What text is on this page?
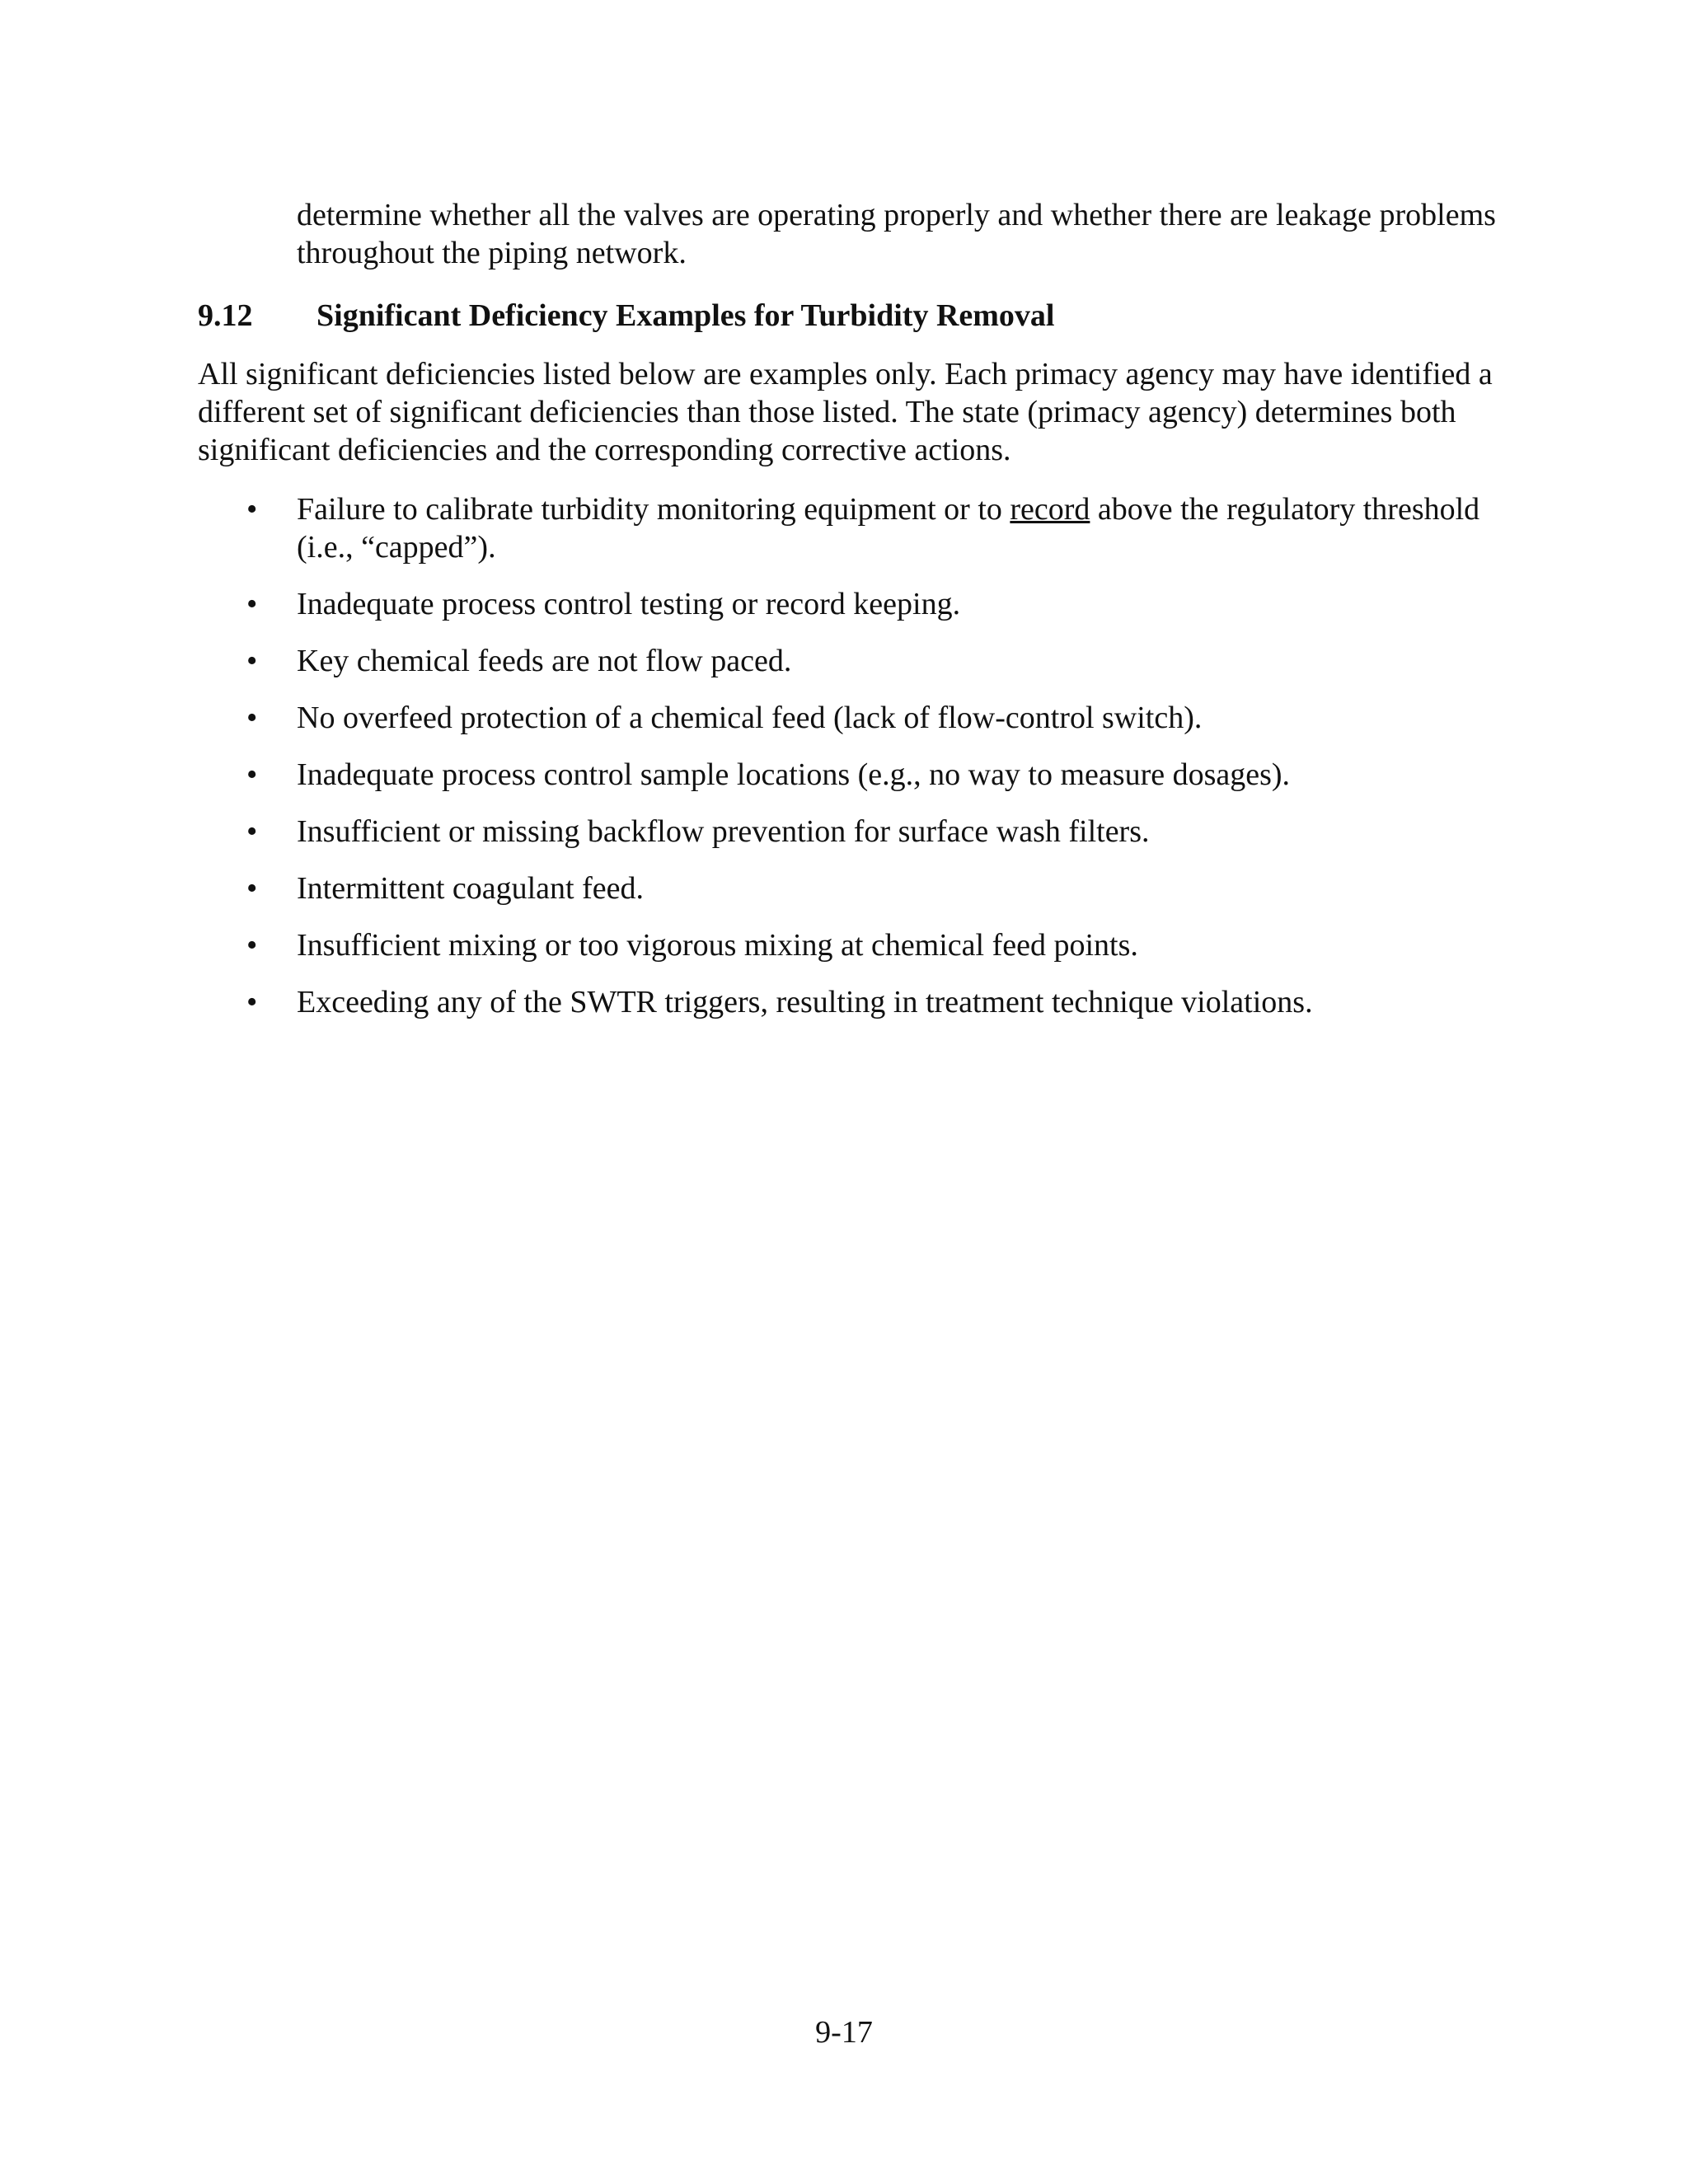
determine whether all the valves are operating properly and whether there are leakage problems throughout the piping network.

9.12 Significant Deficiency Examples for Turbidity Removal

All significant deficiencies listed below are examples only. Each primacy agency may have identified a different set of significant deficiencies than those listed. The state (primacy agency) determines both significant deficiencies and the corresponding corrective actions.

• Failure to calibrate turbidity monitoring equipment or to record above the regulatory threshold (i.e., “capped”).
• Inadequate process control testing or record keeping.
• Key chemical feeds are not flow paced.
• No overfeed protection of a chemical feed (lack of flow-control switch).
• Inadequate process control sample locations (e.g., no way to measure dosages).
• Insufficient or missing backflow prevention for surface wash filters.
• Intermittent coagulant feed.
• Insufficient mixing or too vigorous mixing at chemical feed points.
• Exceeding any of the SWTR triggers, resulting in treatment technique violations.

9-17
